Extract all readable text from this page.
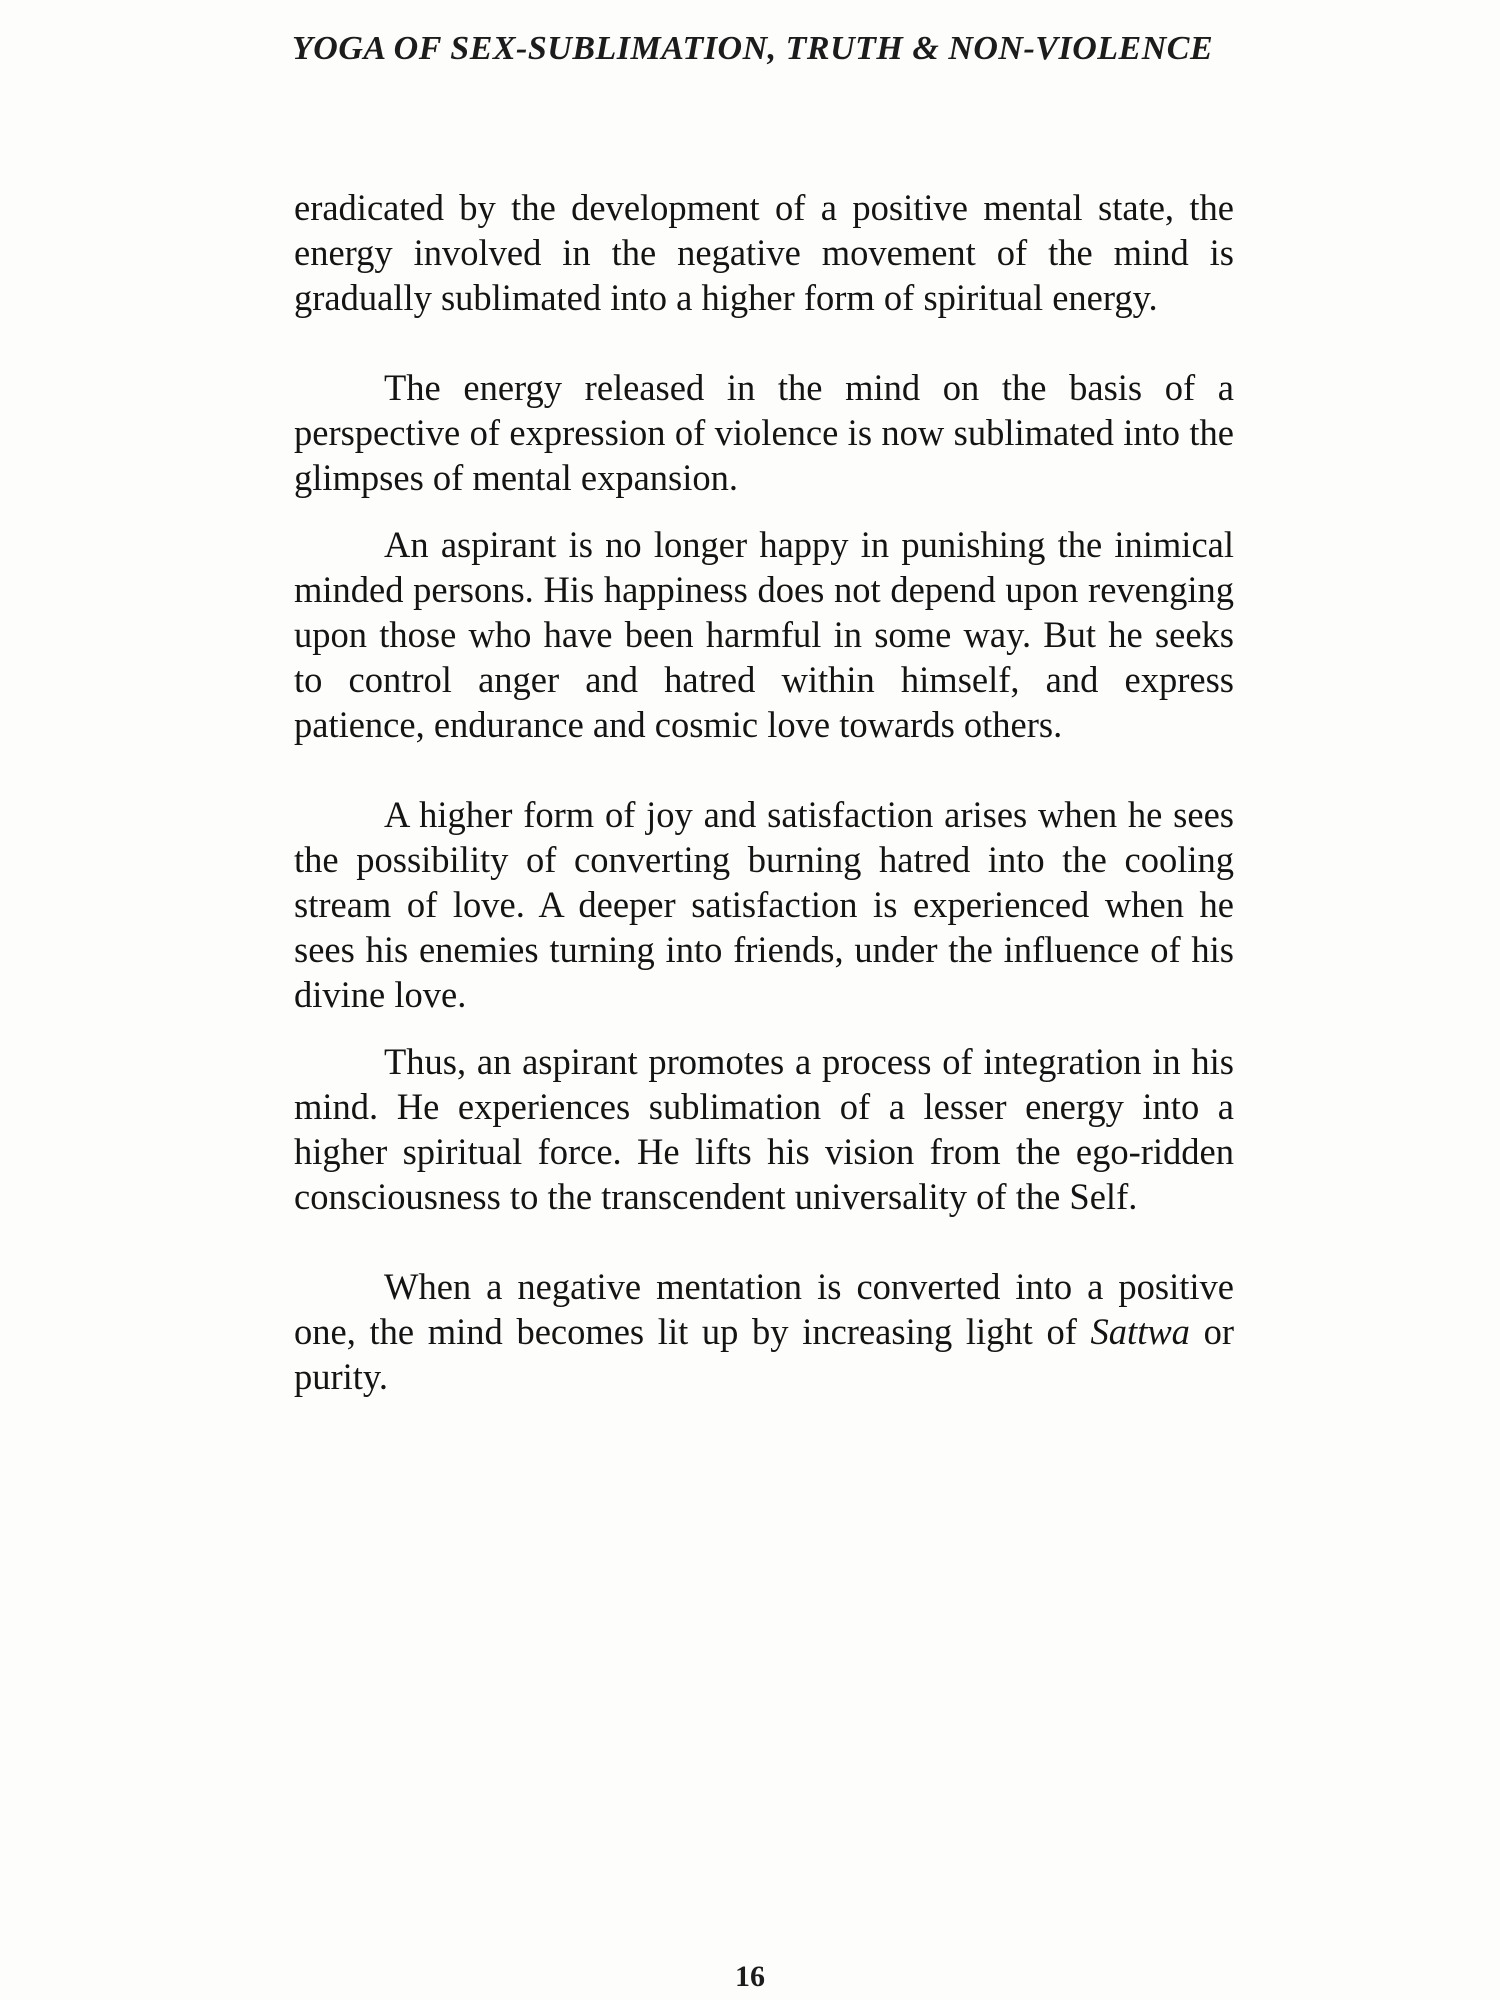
YOGA OF SEX-SUBLIMATION, TRUTH & NON-VIOLENCE

eradicated by the development of a positive mental state, the energy involved in the negative movement of the mind is gradually sublimated into a higher form of spiritual energy.

The energy released in the mind on the basis of a perspective of expression of violence is now sublimated into the glimpses of mental expansion.

An aspirant is no longer happy in punishing the inimical minded persons. His happiness does not depend upon revenging upon those who have been harmful in some way. But he seeks to control anger and hatred within himself, and express patience, endurance and cosmic love towards others.

A higher form of joy and satisfaction arises when he sees the possibility of converting burning hatred into the cooling stream of love. A deeper satisfaction is experienced when he sees his enemies turning into friends, under the influence of his divine love.

Thus, an aspirant promotes a process of integration in his mind. He experiences sublimation of a lesser energy into a higher spiritual force. He lifts his vision from the ego-ridden consciousness to the transcendent universality of the Self.

When a negative mentation is converted into a positive one, the mind becomes lit up by increasing light of Sattwa or purity.

16
